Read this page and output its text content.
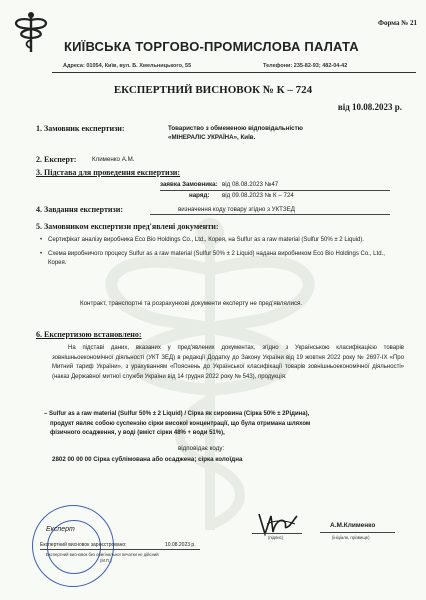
Форма № 21
КИЇВСЬКА ТОРГОВО-ПРОМИСЛОВА ПАЛАТА
Адреса: 01054, Київ, вул. Б. Хмельницького, 55	Телефони: 235-82-93; 482-04-42
ЕКСПЕРТНИЙ ВИСНОВОК № К – 724
від 10.08.2023 р.
1. Замовник експертизи:	Товариство з обмеженою відповідальністю
«МІНЕРАЛІС УКРАЇНА», Київ.
2. Експерт:	Клименко А.М.
3. Підстава для проведення експертизи:
заявка Замовника: від 08.08.2023 №47
наряд: від 09.08.2023 № К – 724
4. Завдання експертизи:	визначення коду товару згідно з УКТЗЕД
5. Замовником експертизи пред'явлені документи:
• Сертифікат аналізу виробника Eco Bio Holdings Co., Ltd., Корея, на Sulfur as a raw material (Sulfur 50% ± 2 Liquid).
• Схема виробничого процесу Sulfur as a raw material (Sulfur 50% ± 2 Liquid) надана виробником Eco Bio Holdings Co., Ltd., Корея.
Контракт, транспортні та розрахункові документи експерту не пред'являлися.
6. Експертизою встановлено:
На підставі даних, вказаних у пред'явлених документах, згідно з Українською класифікацією товарів зовнішньоекономічної діяльності (УКТ ЗЕД) в редакції Додатку до Закону України від 19 жовтня 2022 року № 2697-ІХ «Про Митний тариф України», з урахуванням «Пояснень до Української класифікації товарів зовнішньоекономічної діяльності» (наказ Державної митної служби України від 14 грудня 2022 року № 543), продукція:
– Sulfur as a raw material (Sulfur 50% ± 2 Liquid) / Сірка як сировина (Сірка 50% ± 2Рідина),
продукт являє собою суспензію сірки високої концентрації, що була отримана шляхом
фізичного осадження, у воді (вміст сірки 48% + води 51%),
відповідає коду:
2802 00 00 00 Сірка сублімована або осаджена; сірка колоїдна
Експерт
Експертний висновок зареєстровано:	10.08.2023 р.
Експертний висновок без оригінальної печатки не дійсний
(М.П.)
(підпис)
А.М.Клименко
(ініціали, прізвище)
